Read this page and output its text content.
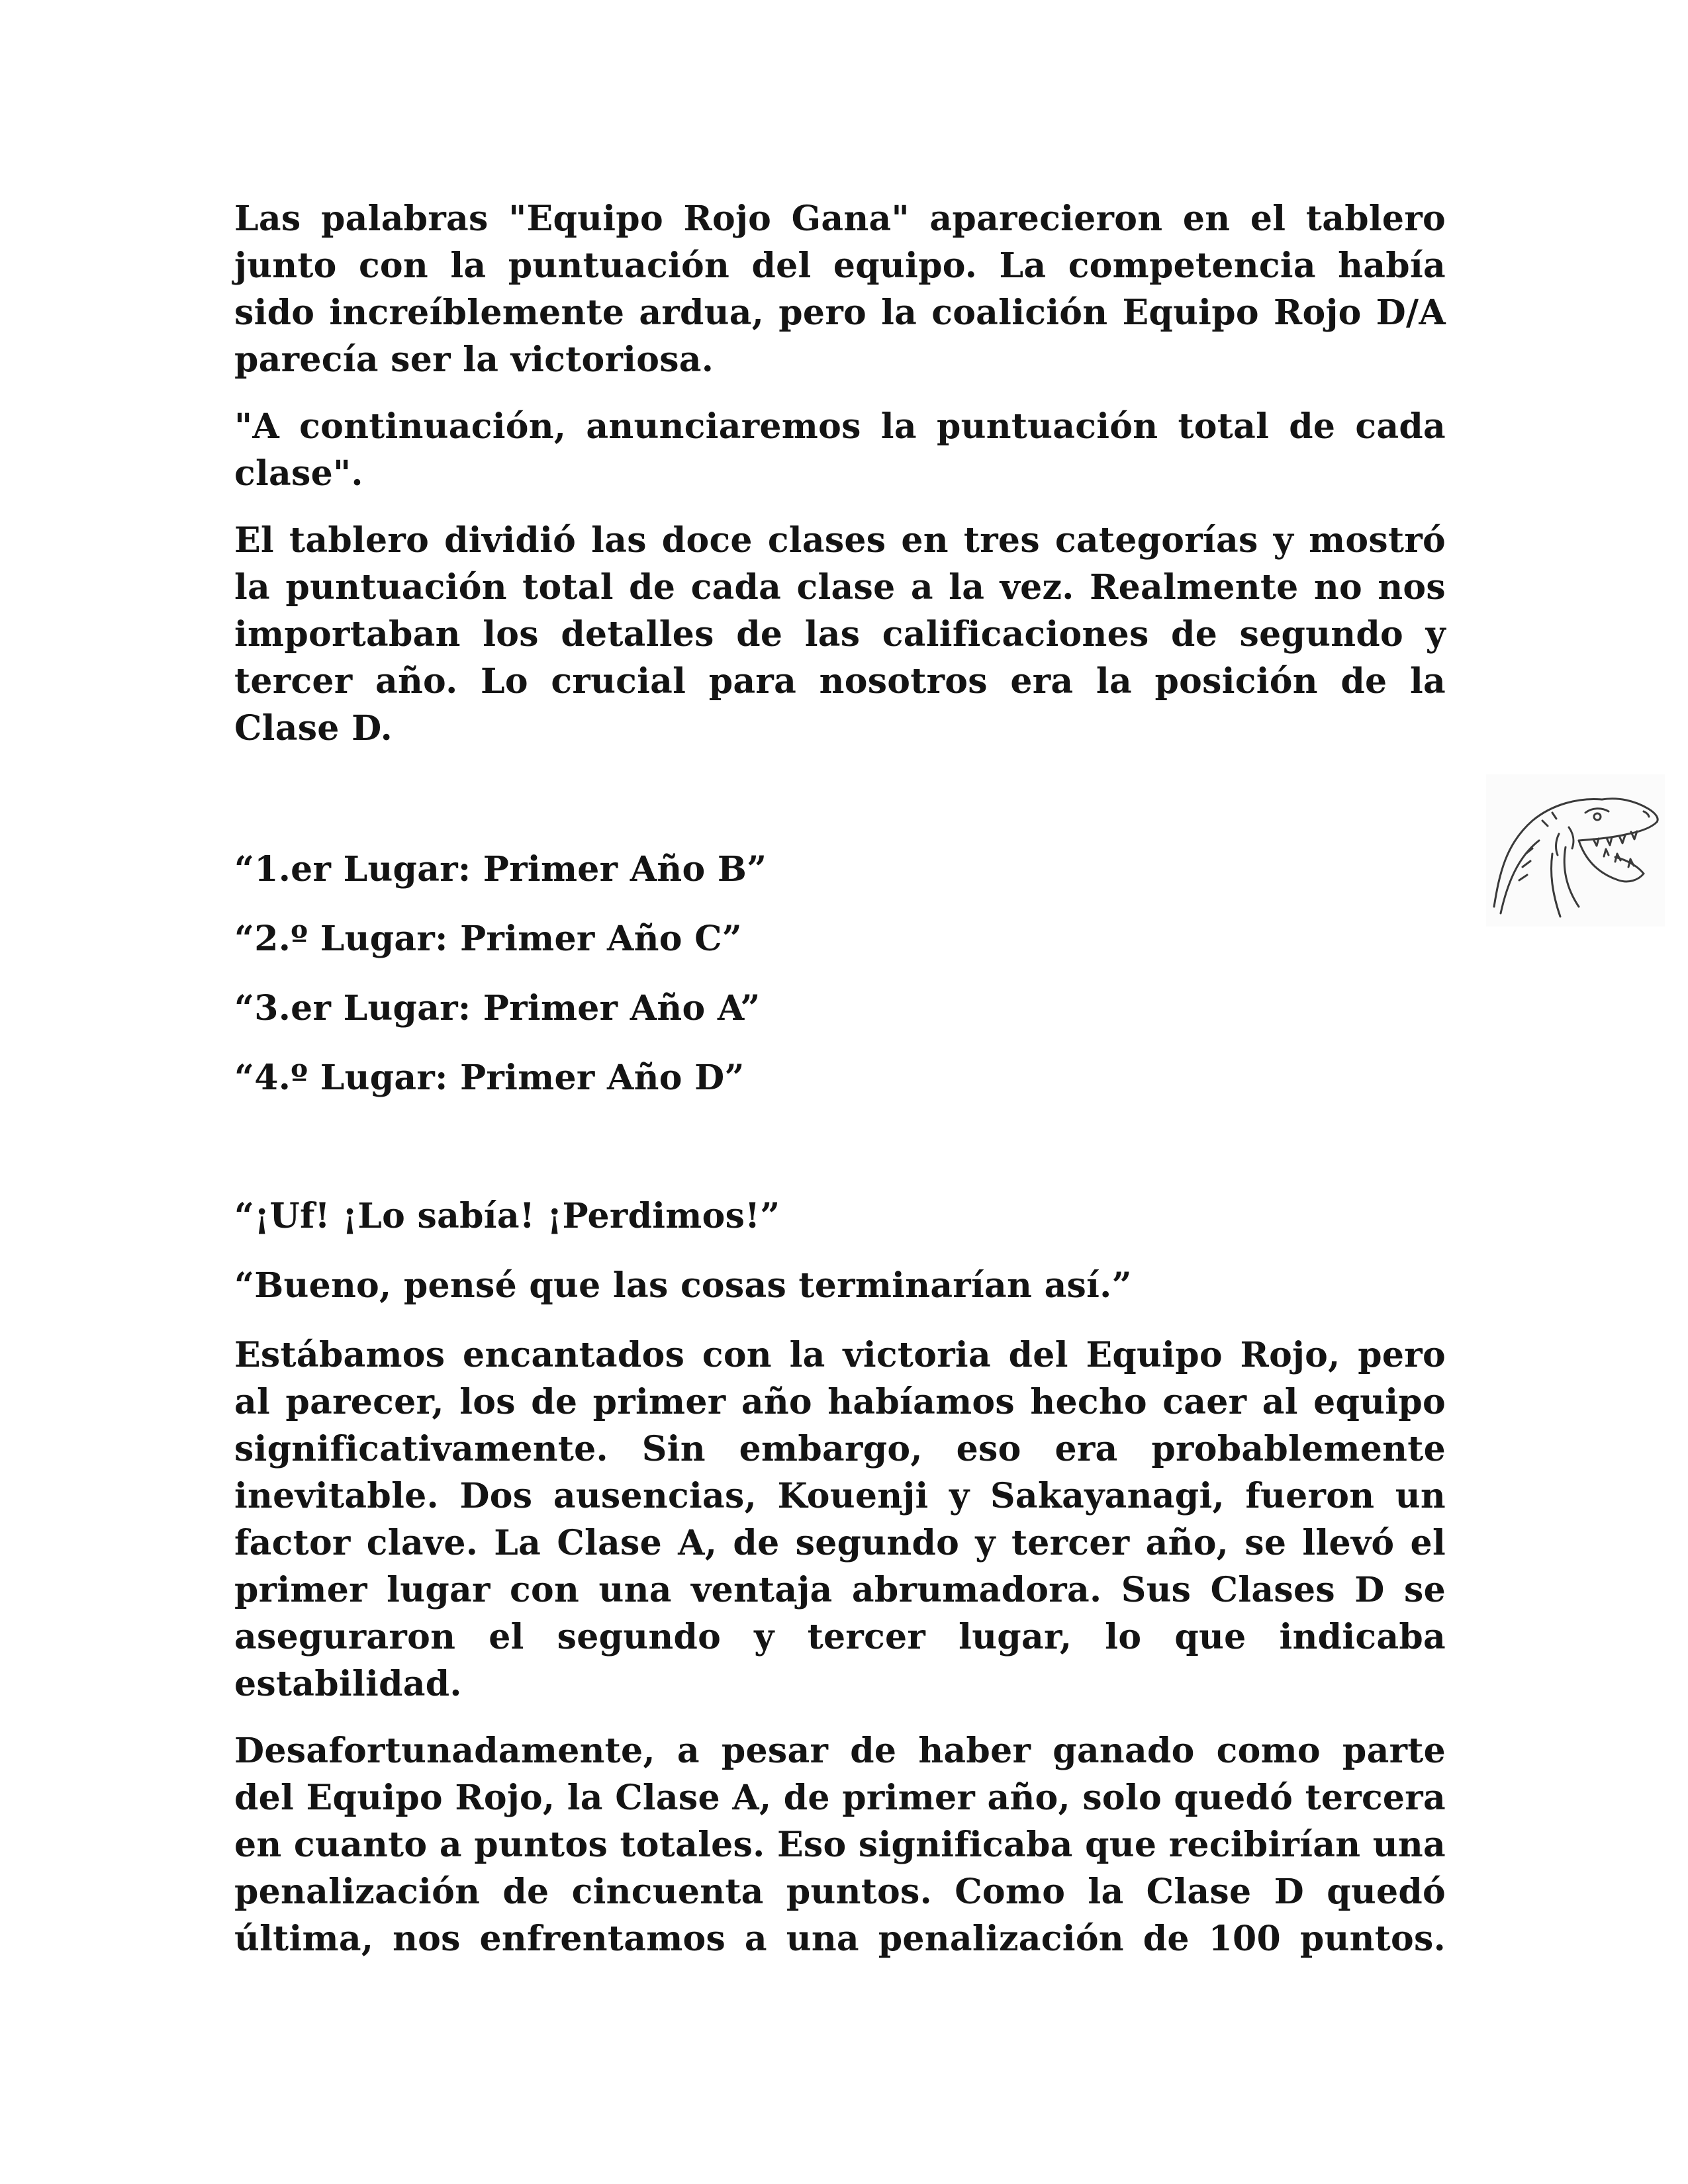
Las palabras "Equipo Rojo Gana" aparecieron en el tablero junto con la puntuación del equipo. La competencia había sido increíblemente ardua, pero la coalición Equipo Rojo D/A parecía ser la victoriosa.

"A continuación, anunciaremos la puntuación total de cada clase".

El tablero dividió las doce clases en tres categorías y mostró la puntuación total de cada clase a la vez. Realmente no nos importaban los detalles de las calificaciones de segundo y tercer año. Lo crucial para nosotros era la posición de la Clase D.

“1.er Lugar: Primer Año B”

“2.º Lugar: Primer Año C”

“3.er Lugar: Primer Año A”

“4.º Lugar: Primer Año D”

“¡Uf! ¡Lo sabía! ¡Perdimos!”

“Bueno, pensé que las cosas terminarían así.”

Estábamos encantados con la victoria del Equipo Rojo, pero al parecer, los de primer año habíamos hecho caer al equipo significativamente. Sin embargo, eso era probablemente inevitable. Dos ausencias, Kouenji y Sakayanagi, fueron un factor clave. La Clase A, de segundo y tercer año, se llevó el primer lugar con una ventaja abrumadora. Sus Clases D se aseguraron el segundo y tercer lugar, lo que indicaba estabilidad.

Desafortunadamente, a pesar de haber ganado como parte del Equipo Rojo, la Clase A, de primer año, solo quedó tercera en cuanto a puntos totales. Eso significaba que recibirían una penalización de cincuenta puntos. Como la Clase D quedó última, nos enfrentamos a una penalización de 100 puntos.
